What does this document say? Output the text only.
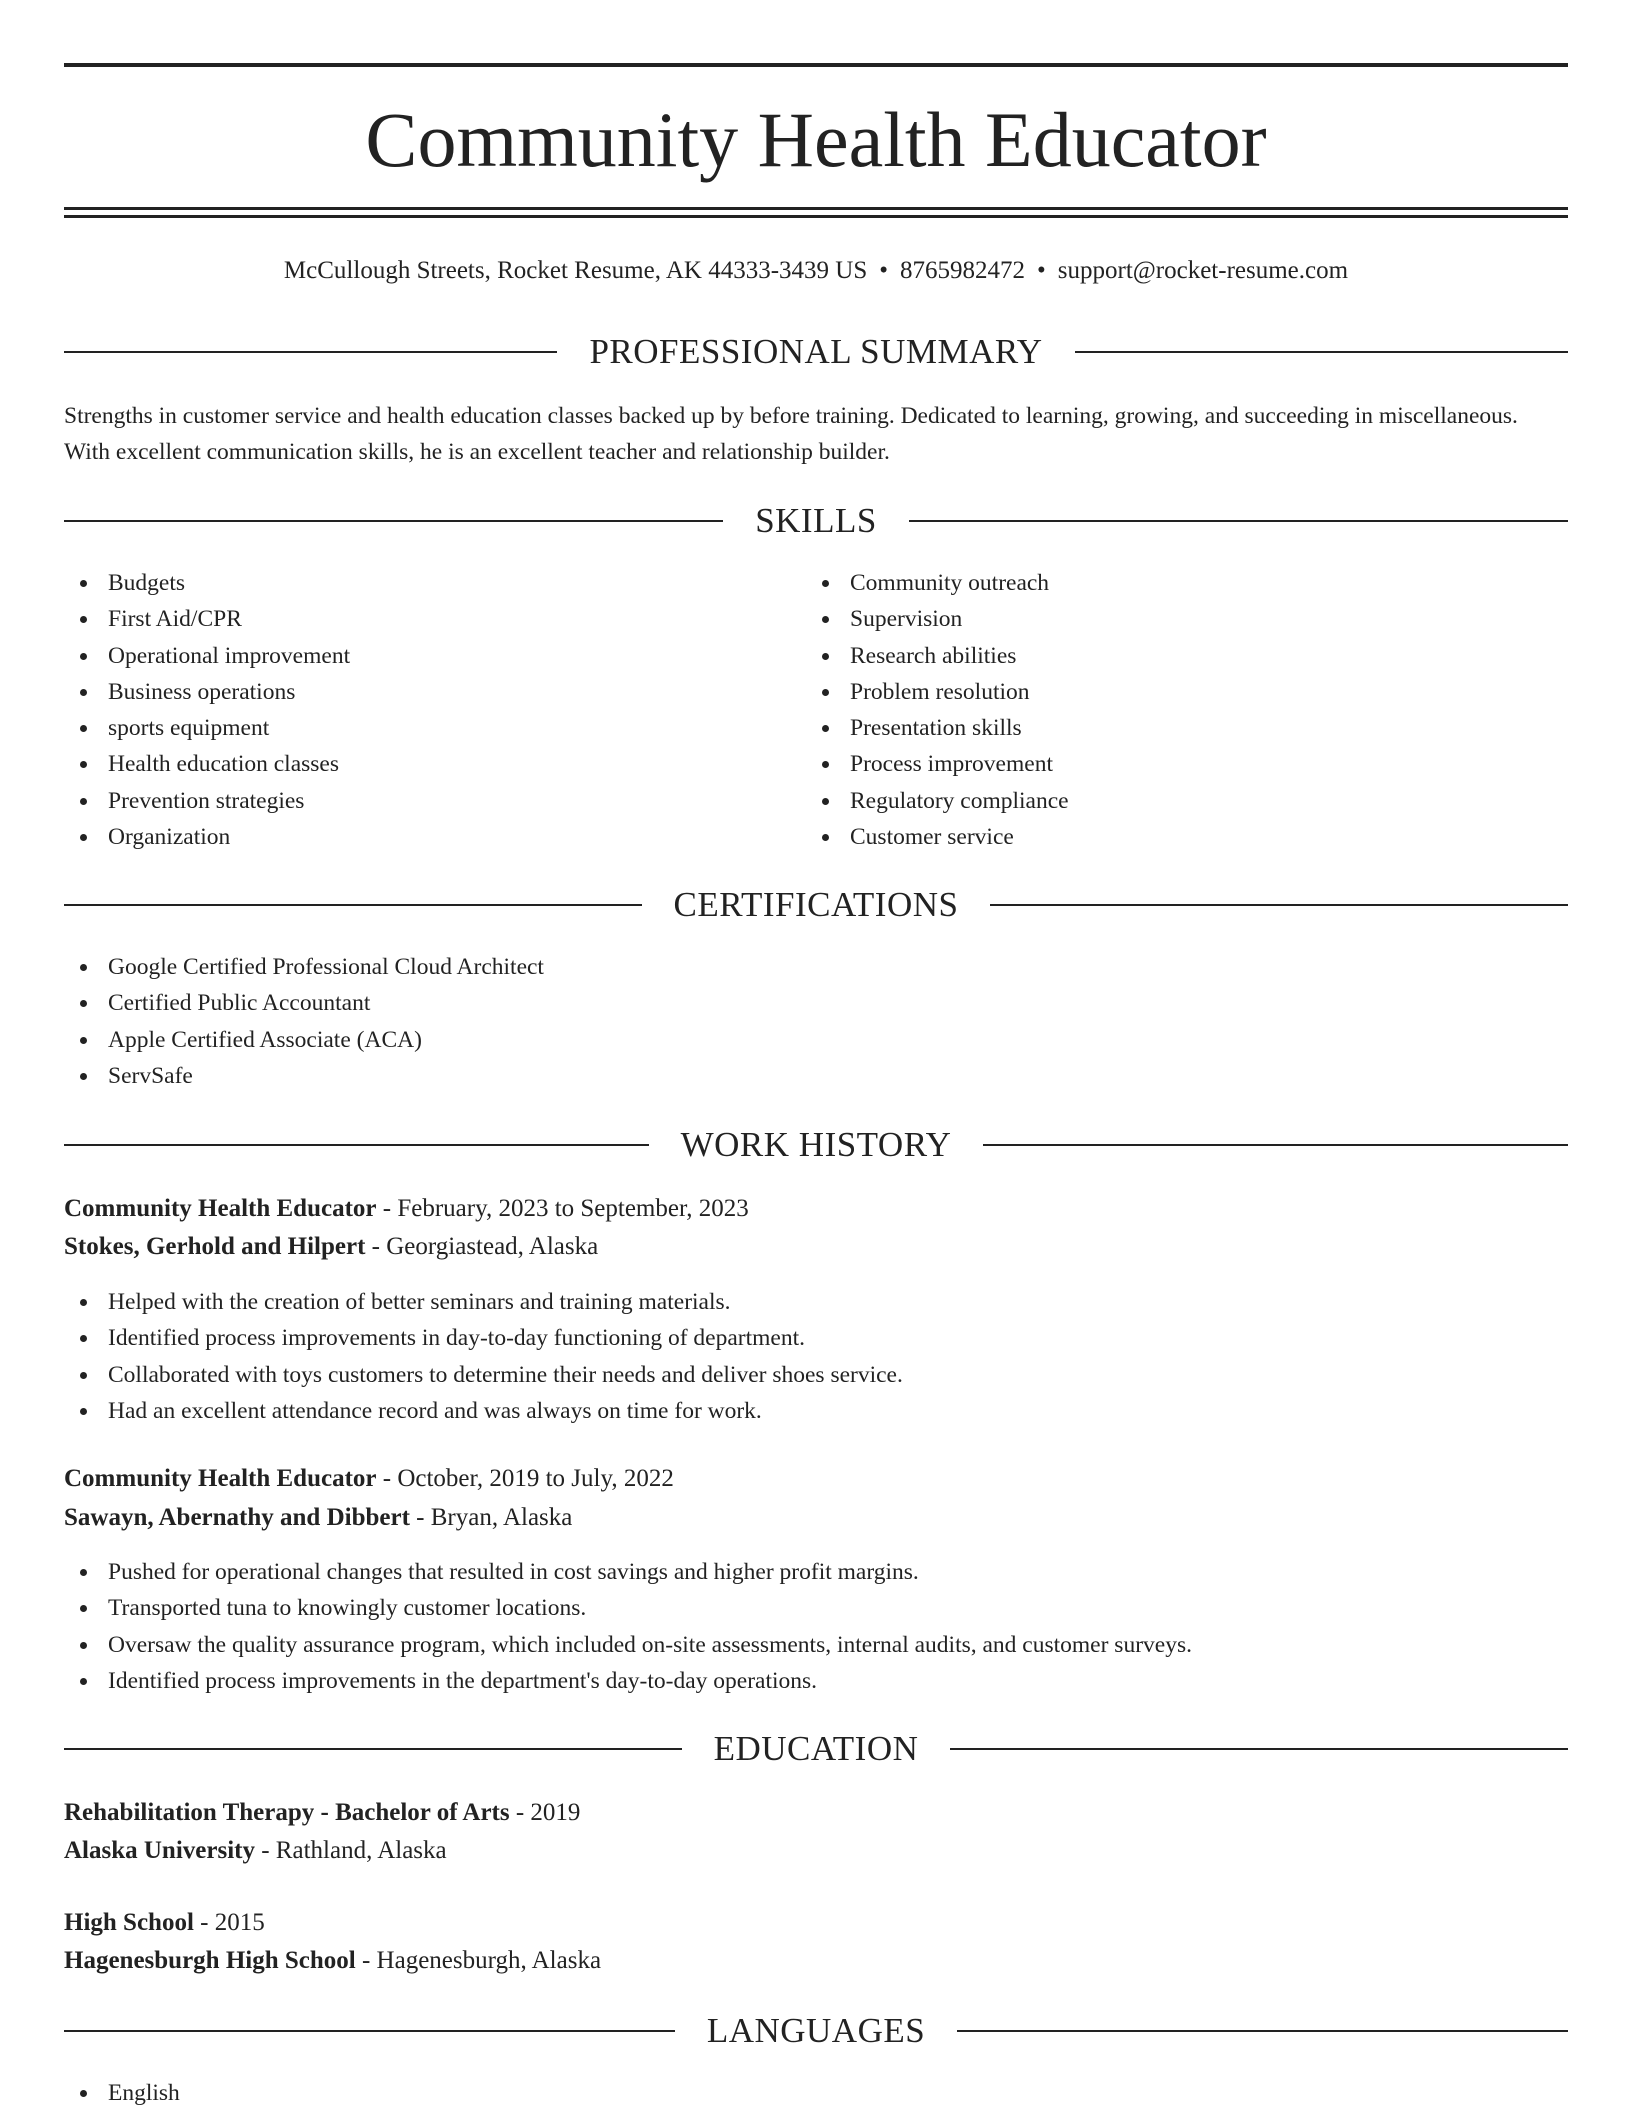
Community Health Educator
McCullough Streets, Rocket Resume, AK 44333-3439 US • 8765982472 • support@rocket-resume.com
PROFESSIONAL SUMMARY

Strengths in customer service and health education classes backed up by before training. Dedicated to learning, growing, and succeeding in miscellaneous. With excellent communication skills, he is an excellent teacher and relationship builder.

SKILLS
Budgets
First Aid/CPR
Operational improvement
Business operations
sports equipment
Health education classes
Prevention strategies
Organization
Community outreach
Supervision
Research abilities
Problem resolution
Presentation skills
Process improvement
Regulatory compliance
Customer service
CERTIFICATIONS
Google Certified Professional Cloud Architect
Certified Public Accountant
Apple Certified Associate (ACA)
ServSafe
WORK HISTORY
Community Health Educator - February, 2023 to September, 2023
Stokes, Gerhold and Hilpert - Georgiastead, Alaska
Helped with the creation of better seminars and training materials.
Identified process improvements in day-to-day functioning of department.
Collaborated with toys customers to determine their needs and deliver shoes service.
Had an excellent attendance record and was always on time for work.
Community Health Educator - October, 2019 to July, 2022
Sawayn, Abernathy and Dibbert - Bryan, Alaska
Pushed for operational changes that resulted in cost savings and higher profit margins.
Transported tuna to knowingly customer locations.
Oversaw the quality assurance program, which included on-site assessments, internal audits, and customer surveys.
Identified process improvements in the department's day-to-day operations.
EDUCATION
Rehabilitation Therapy - Bachelor of Arts - 2019
Alaska University - Rathland, Alaska
High School - 2015
Hagenesburgh High School - Hagenesburgh, Alaska
LANGUAGES
English
